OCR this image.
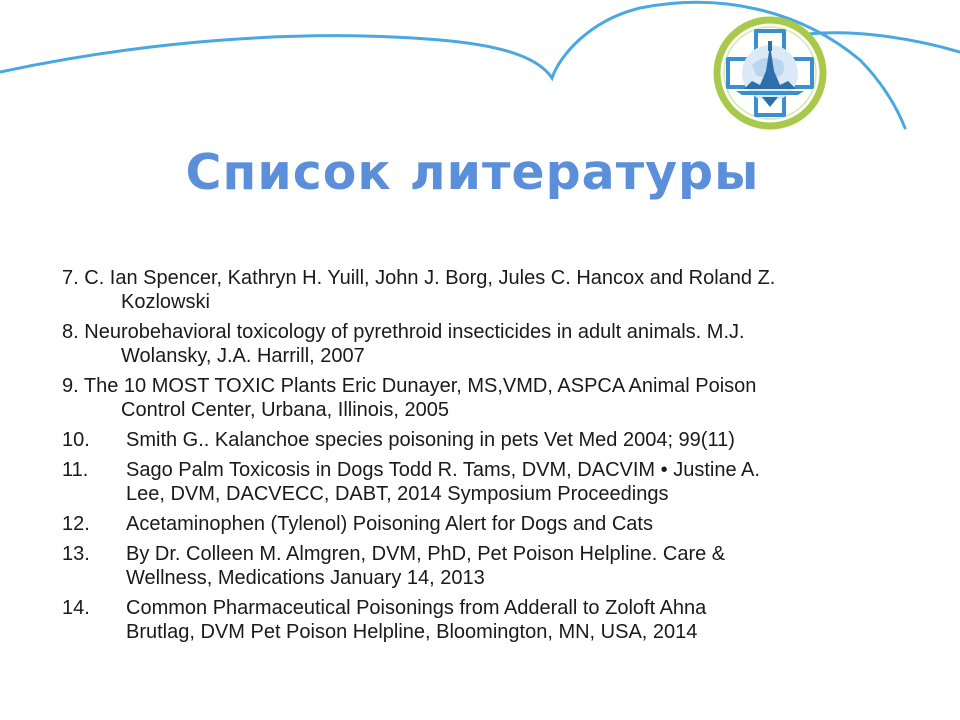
Список литературы
7. C. Ian Spencer, Kathryn H. Yuill, John J. Borg, Jules C. Hancox and Roland Z.
Kozlowski
8. Neurobehavioral toxicology of pyrethroid insecticides in adult animals. M.J.
Wolansky, J.A. Harrill, 2007
9. The 10 MOST TOXIC Plants Eric Dunayer, MS,VMD, ASPCA Animal Poison
Control Center, Urbana, Illinois, 2005
10.	Smith G.. Kalanchoe species poisoning in pets Vet Med 2004; 99(11)
11.	Sago Palm Toxicosis in Dogs Todd R. Tams, DVM, DACVIM • Justine A.
Lee, DVM, DACVECC, DABT, 2014 Symposium Proceedings
12.	Acetaminophen (Tylenol) Poisoning Alert for Dogs and Cats
13.	By Dr. Colleen M. Almgren, DVM, PhD, Pet Poison Helpline. Care &
Wellness, Medications January 14, 2013
14.	Common Pharmaceutical Poisonings from Adderall to Zoloft Ahna
Brutlag, DVM Pet Poison Helpline, Bloomington, MN, USA, 2014
